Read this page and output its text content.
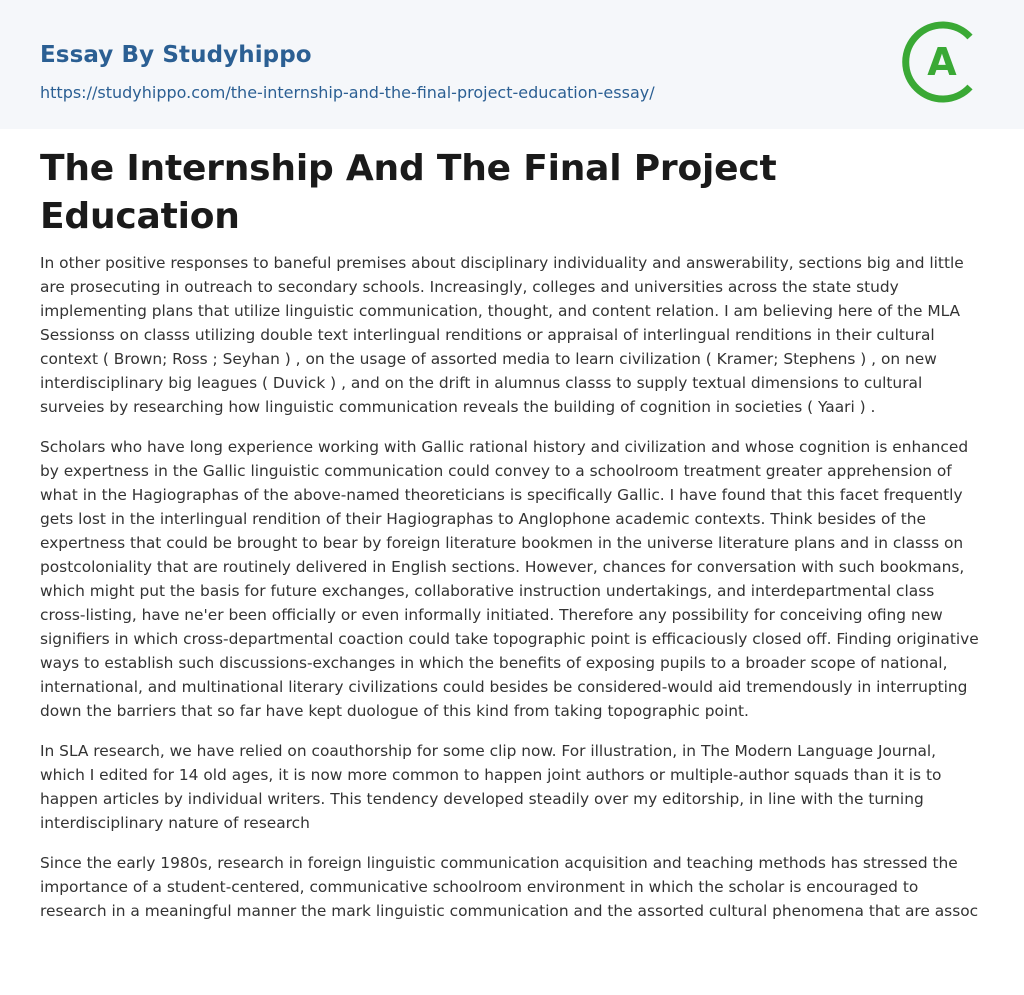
Essay By Studyhippo
https://studyhippo.com/the-internship-and-the-final-project-education-essay/
A
The Internship And The Final Project Education

In other positive responses to baneful premises about disciplinary individuality and answerability, sections big and little are prosecuting in outreach to secondary schools. Increasingly, colleges and universities across the state study implementing plans that utilize linguistic communication, thought, and content relation. I am believing here of the MLA Sessionss on classs utilizing double text interlingual renditions or appraisal of interlingual renditions in their cultural context ( Brown; Ross ; Seyhan ) , on the usage of assorted media to learn civilization ( Kramer; Stephens ) , on new interdisciplinary big leagues ( Duvick ) , and on the drift in alumnus classs to supply textual dimensions to cultural surveies by researching how linguistic communication reveals the building of cognition in societies ( Yaari ) .

Scholars who have long experience working with Gallic rational history and civilization and whose cognition is enhanced by expertness in the Gallic linguistic communication could convey to a schoolroom treatment greater apprehension of what in the Hagiographas of the above-named theoreticians is specifically Gallic. I have found that this facet frequently gets lost in the interlingual rendition of their Hagiographas to Anglophone academic contexts. Think besides of the expertness that could be brought to bear by foreign literature bookmen in the universe literature plans and in classs on postcoloniality that are routinely delivered in English sections. However, chances for conversation with such bookmans, which might put the basis for future exchanges, collaborative instruction undertakings, and interdepartmental class cross-listing, have ne'er been officially or even informally initiated. Therefore any possibility for conceiving ofing new signifiers in which cross-departmental coaction could take topographic point is efficaciously closed off. Finding originative ways to establish such discussions-exchanges in which the benefits of exposing pupils to a broader scope of national, international, and multinational literary civilizations could besides be considered-would aid tremendously in interrupting down the barriers that so far have kept duologue of this kind from taking topographic point.

In SLA research, we have relied on coauthorship for some clip now. For illustration, in The Modern Language Journal, which I edited for 14 old ages, it is now more common to happen joint authors or multiple-author squads than it is to happen articles by individual writers. This tendency developed steadily over my editorship, in line with the turning interdisciplinary nature of research

Since the early 1980s, research in foreign linguistic communication acquisition and teaching methods has stressed the importance of a student-centered, communicative schoolroom environment in which the scholar is encouraged to research in a meaningful manner the mark linguistic communication and the assorted cultural phenomena that are assoc
